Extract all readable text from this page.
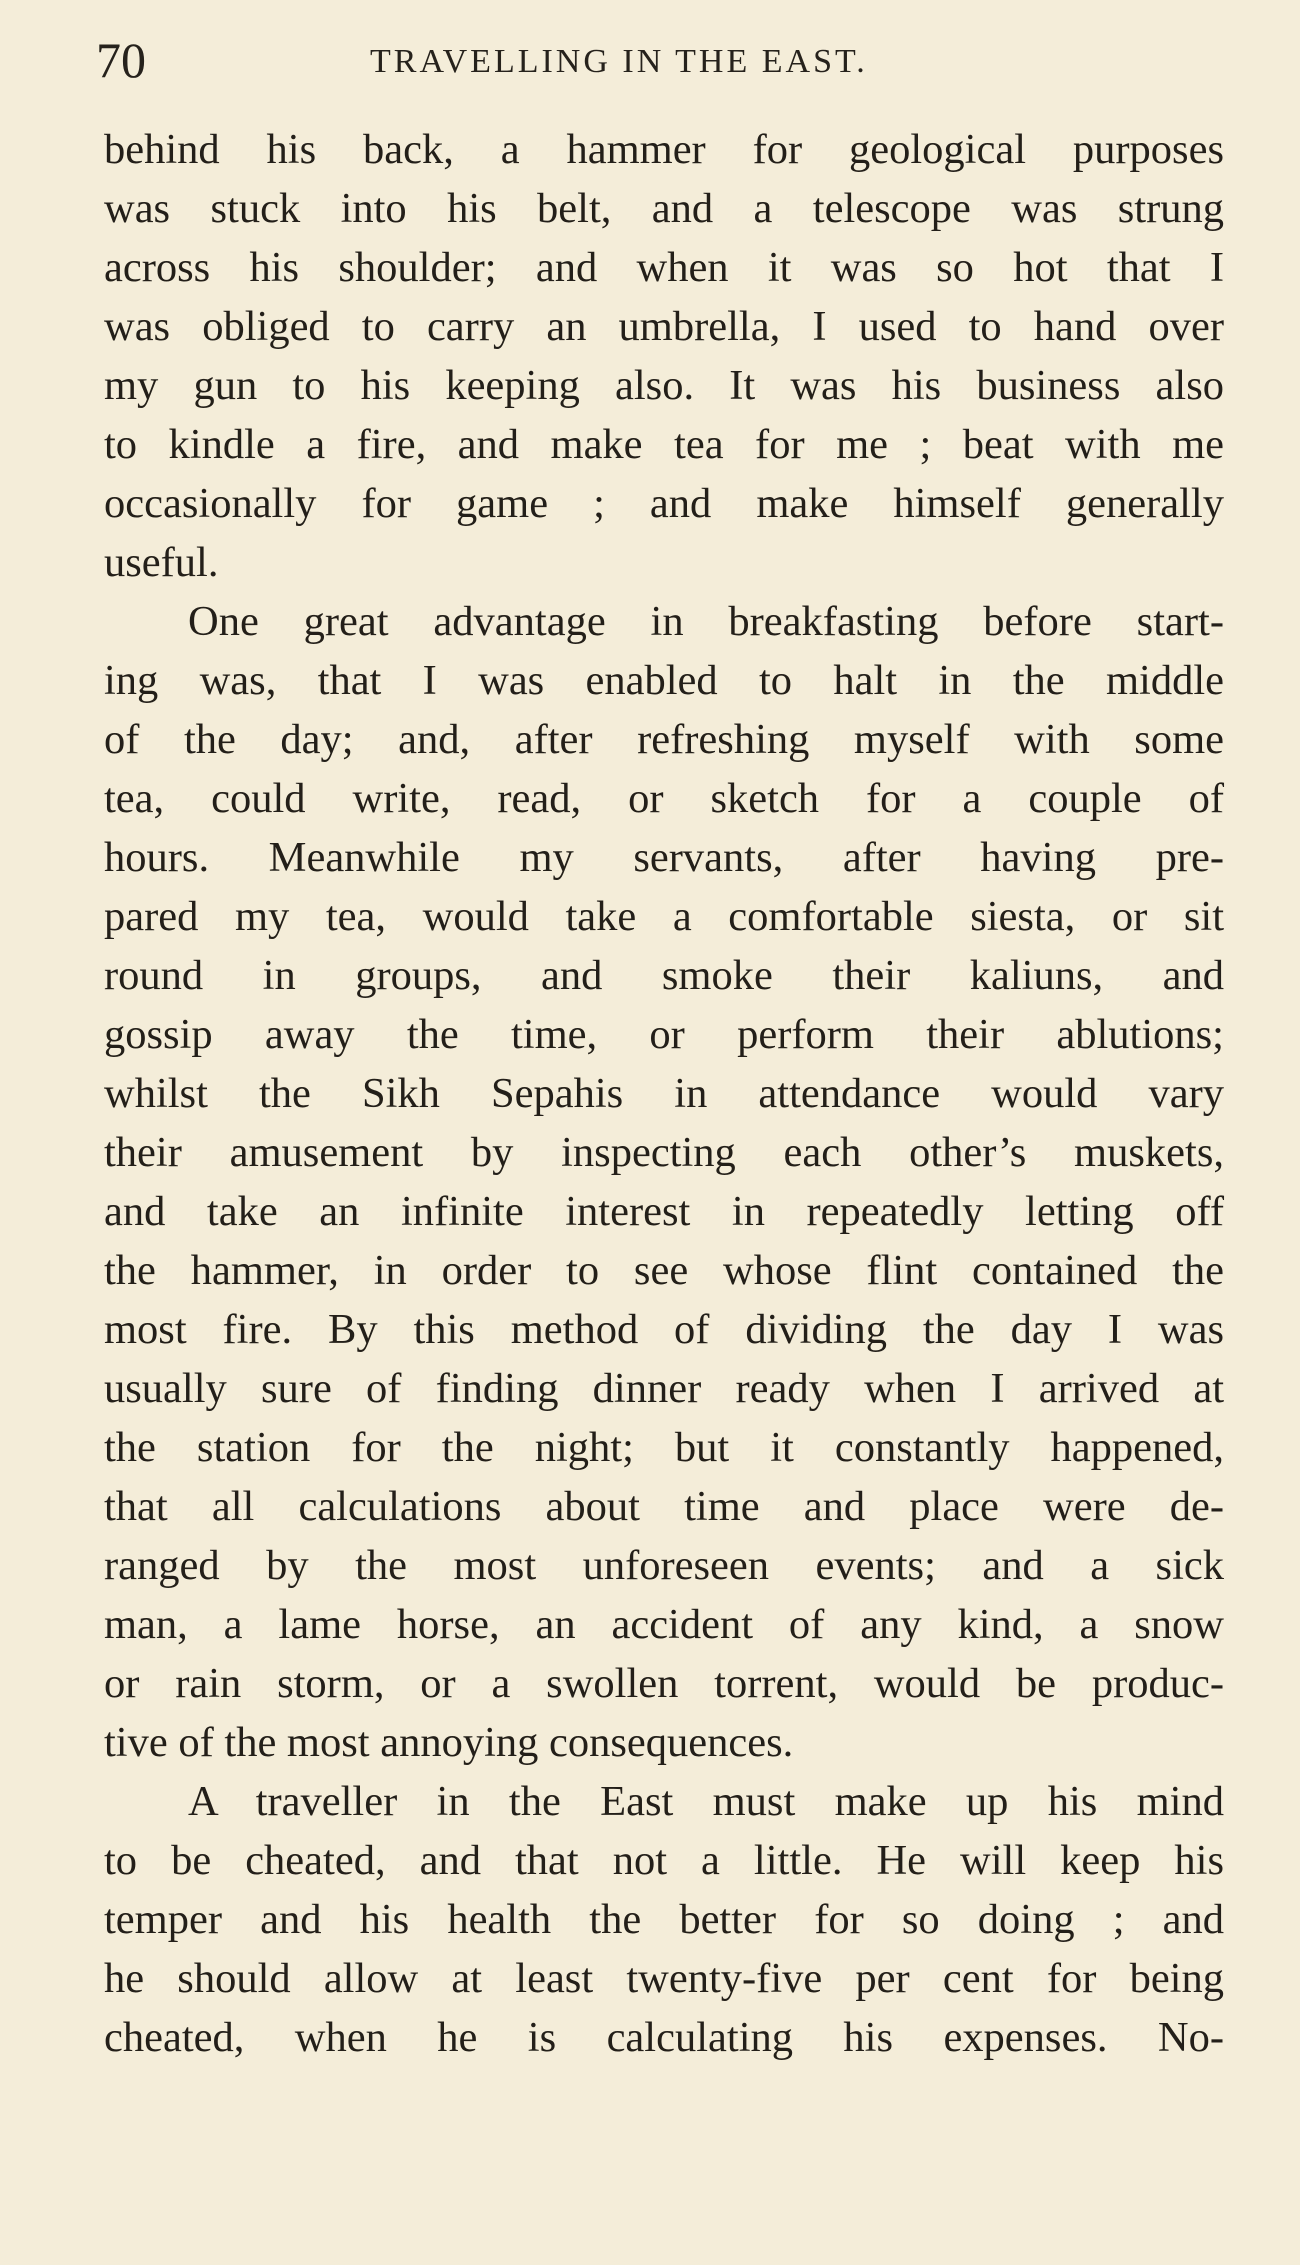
70	TRAVELLING IN THE EAST.
behind his back, a hammer for geological purposes
was stuck into his belt, and a telescope was strung
across his shoulder; and when it was so hot that I
was obliged to carry an umbrella, I used to hand over
my gun to his keeping also. It was his business also
to kindle a fire, and make tea for me ; beat with me
occasionally for game ; and make himself generally
useful.
One great advantage in breakfasting before start-
ing was, that I was enabled to halt in the middle
of the day; and, after refreshing myself with some
tea, could write, read, or sketch for a couple of
hours. Meanwhile my servants, after having pre-
pared my tea, would take a comfortable siesta, or sit
round in groups, and smoke their kaliuns, and
gossip away the time, or perform their ablutions;
whilst the Sikh Sepahis in attendance would vary
their amusement by inspecting each other’s muskets,
and take an infinite interest in repeatedly letting off
the hammer, in order to see whose flint contained the
most fire. By this method of dividing the day I was
usually sure of finding dinner ready when I arrived at
the station for the night; but it constantly happened,
that all calculations about time and place were de-
ranged by the most unforeseen events; and a sick
man, a lame horse, an accident of any kind, a snow
or rain storm, or a swollen torrent, would be produc-
tive of the most annoying consequences.
A traveller in the East must make up his mind
to be cheated, and that not a little. He will keep his
temper and his health the better for so doing ; and
he should allow at least twenty-five per cent for being
cheated, when he is calculating his expenses. No-
